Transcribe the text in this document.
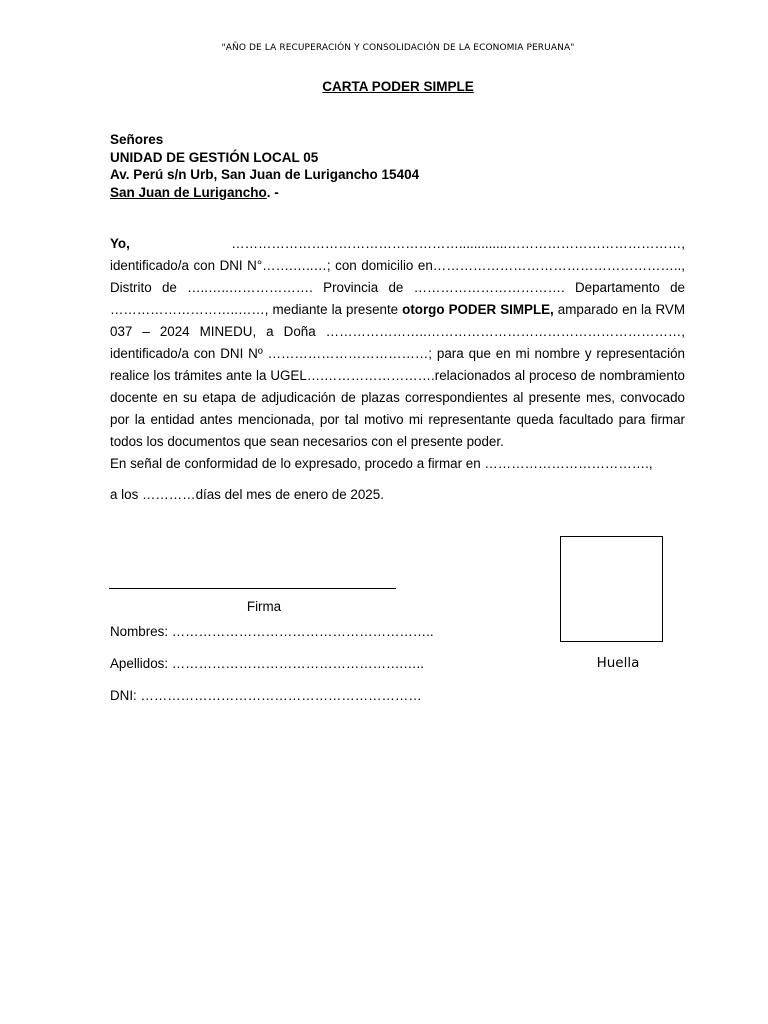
"AÑO DE LA RECUPERACIÓN Y CONSOLIDACIÓN DE LA ECONOMIA PERUANA"
CARTA PODER SIMPLE
Señores
UNIDAD DE GESTIÓN LOCAL 05
Av. Perú s/n Urb, San Juan de Lurigancho 15404
San Juan de Lurigancho. -
Yo,	…………………………………………….............…………………………………,

identificado/a con DNI N°…….…..…; con domicilio en……………………………………………….., Distrito de …..…..………………. Provincia de ……………………………. Departamento de ………………………..……, mediante la presente otorgo PODER SIMPLE, amparado en la RVM 037 – 2024 MINEDU, a Doña …………………..…………………………………………………, identificado/a con DNI Nº ………………………………; para que en mi nombre y representación realice los trámites ante la UGEL….…………………….relacionados al proceso de nombramiento docente en su etapa de adjudicación de plazas correspondientes al presente mes, convocado por la entidad antes mencionada, por tal motivo mi representante queda facultado para firmar todos los documentos que sean necesarios con el presente poder.

En señal de conformidad de lo expresado, procedo a firmar en ……………………………….,

a los …………días del mes de enero de 2025.
Firma
Nombres: …………………………………………………..
Apellidos: …………………………………………….…..
DNI: ………………………………………………………
Huella
